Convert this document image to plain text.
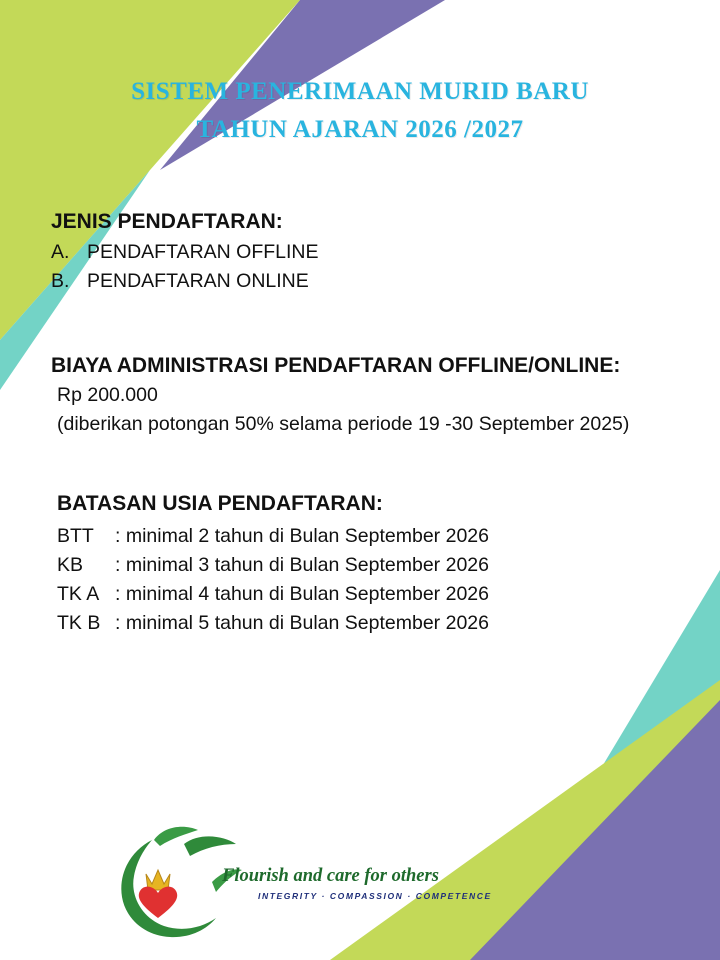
SISTEM PENERIMAAN MURID BARU
TAHUN AJARAN 2026 /2027
JENIS PENDAFTARAN:
A. PENDAFTARAN OFFLINE
B. PENDAFTARAN ONLINE
BIAYA ADMINISTRASI PENDAFTARAN OFFLINE/ONLINE:
Rp 200.000
(diberikan potongan 50% selama periode 19 -30 September 2025)
BATASAN USIA PENDAFTARAN:
BTT : minimal 2 tahun di Bulan September 2026
KB : minimal 3 tahun di Bulan September 2026
TK A : minimal 4 tahun di Bulan September 2026
TK B : minimal 5 tahun di Bulan September 2026
Flourish and care for others
INTEGRITY · COMPASSION · COMPETENCE
